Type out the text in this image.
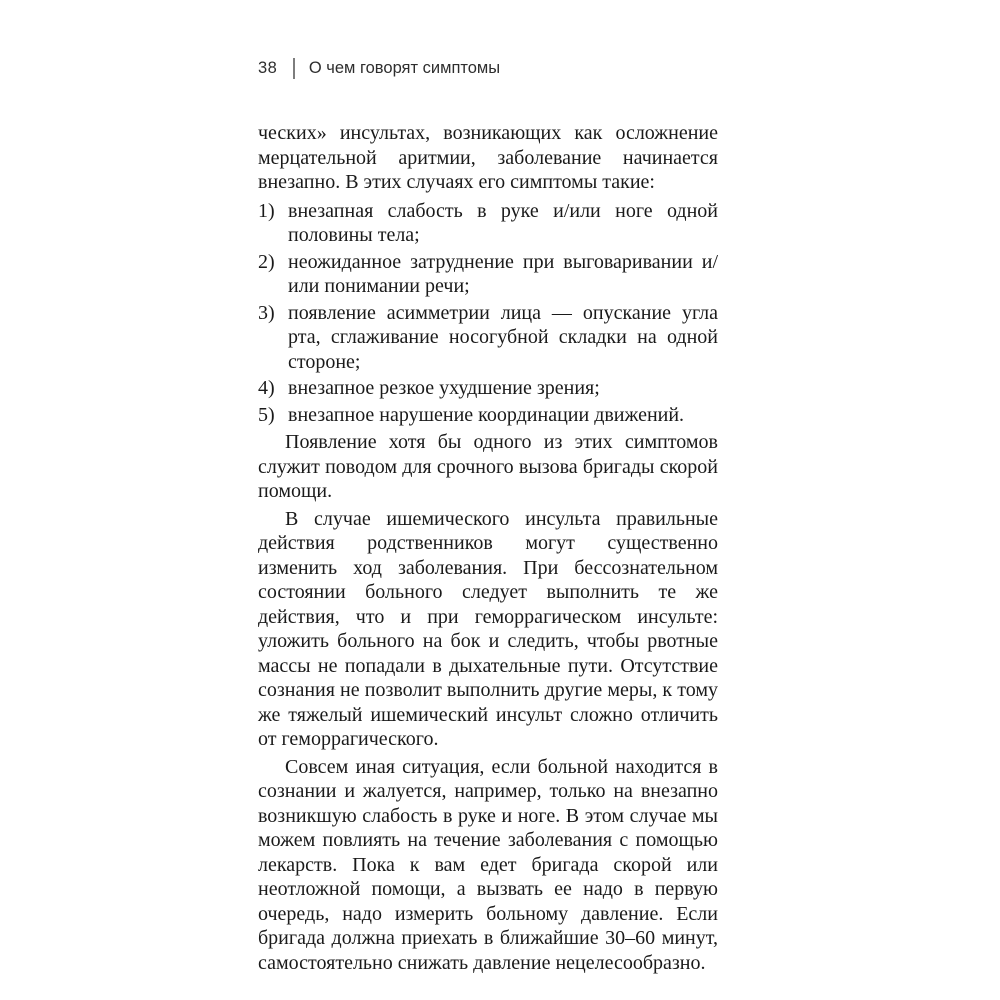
38 О чем говорят симптомы

ческих» инсультах, возникающих как осложнение мерцательной аритмии, заболевание начинается внезапно. В этих случаях его симптомы такие:

1) внезапная слабость в руке и/или ноге одной половины тела;
2) неожиданное затруднение при выговаривании и/или понимании речи;
3) появление асимметрии лица — опускание угла рта, сглаживание носогубной складки на одной стороне;
4) внезапное резкое ухудшение зрения;
5) внезапное нарушение координации движений.

Появление хотя бы одного из этих симптомов служит поводом для срочного вызова бригады скорой помощи.

В случае ишемического инсульта правильные действия родственников могут существенно изменить ход заболевания. При бессознательном состоянии больного следует выполнить те же действия, что и при геморрагическом инсульте: уложить больного на бок и следить, чтобы рвотные массы не попадали в дыхательные пути. Отсутствие сознания не позволит выполнить другие меры, к тому же тяжелый ишемический инсульт сложно отличить от геморрагического.

Совсем иная ситуация, если больной находится в сознании и жалуется, например, только на внезапно возникшую слабость в руке и ноге. В этом случае мы можем повлиять на течение заболевания с помощью лекарств. Пока к вам едет бригада скорой или неотложной помощи, а вызвать ее надо в первую очередь, надо измерить больному давление. Если бригада должна приехать в ближайшие 30–60 минут, самостоятельно снижать давление нецелесообразно.
